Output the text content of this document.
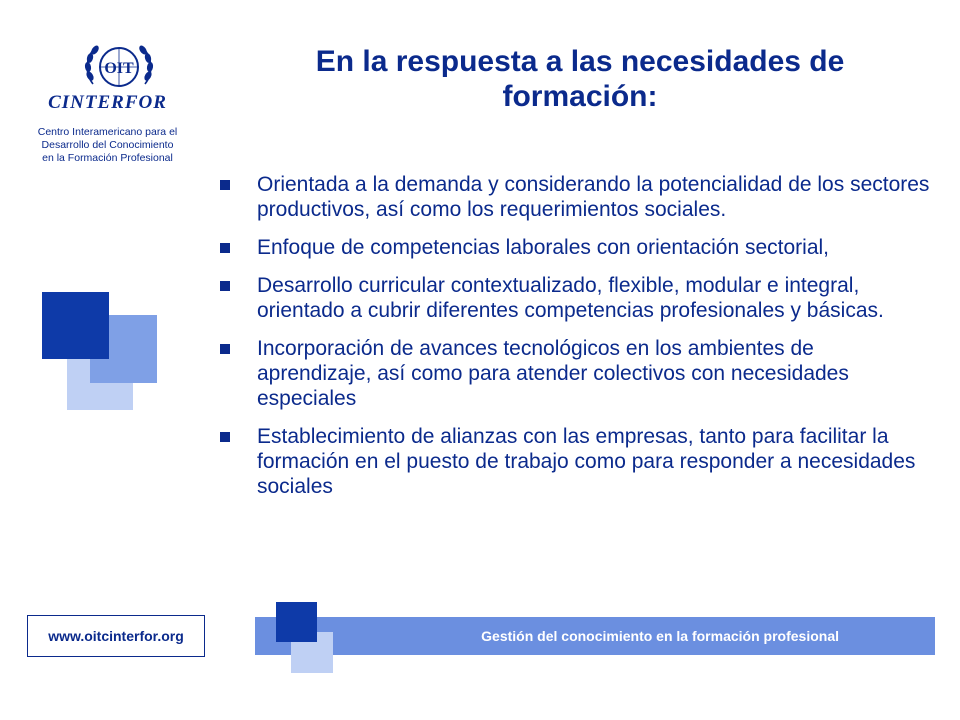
OIT
CINTERFOR
Centro Interamericano para el
Desarrollo del Conocimiento
en la Formación Profesional
En la respuesta a las necesidades de
formación:
Orientada a la demanda y considerando la potencialidad de los sectores productivos, así como los requerimientos sociales.
Enfoque de competencias laborales con orientación sectorial,
Desarrollo curricular contextualizado, flexible, modular e integral, orientado a cubrir diferentes competencias profesionales y básicas.
Incorporación de avances tecnológicos en los ambientes de aprendizaje, así como para atender colectivos con necesidades especiales
Establecimiento de alianzas con las empresas, tanto para facilitar la formación en el puesto de trabajo como para responder a necesidades sociales
www.oitcinterfor.org	Gestión del conocimiento en la formación profesional
